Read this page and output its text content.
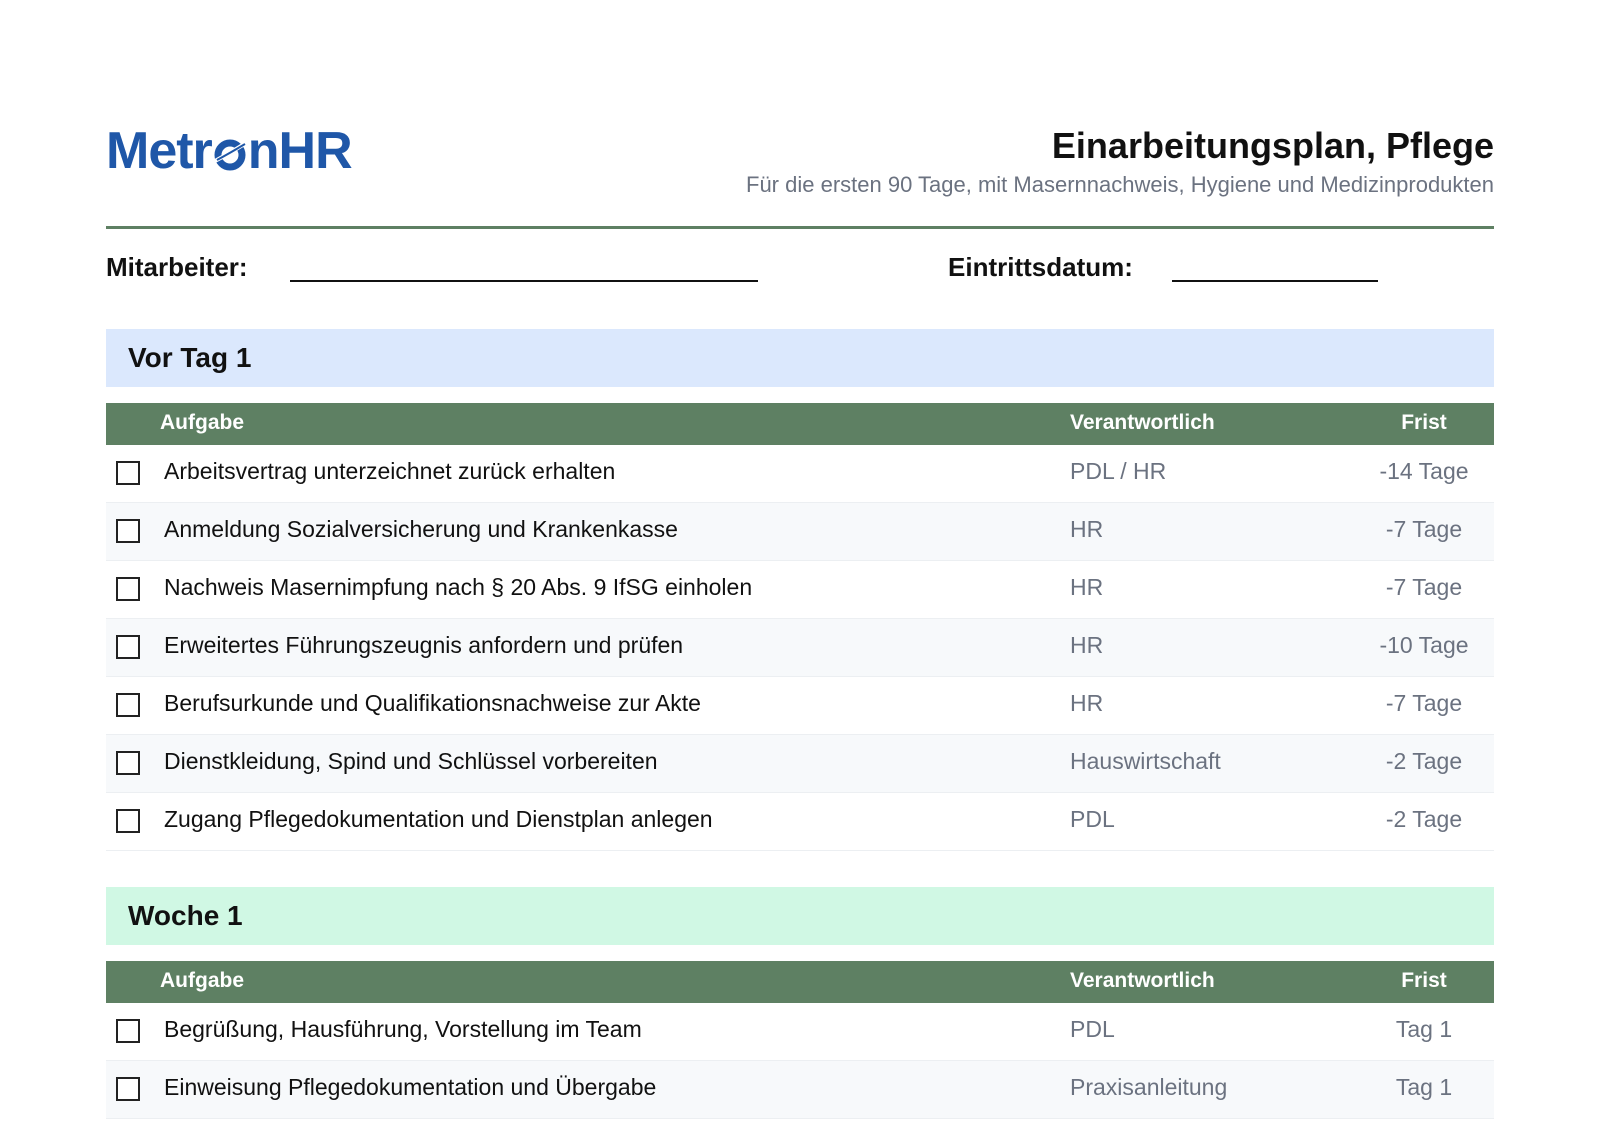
Metr nHR	Einarbeitungsplan, Pflege
Für die ersten 90 Tage, mit Masernnachweis, Hygiene und Medizinprodukten
Mitarbeiter:	Eintrittsdatum:
Vor Tag 1
Aufgabe	Verantwortlich	Frist
Arbeitsvertrag unterzeichnet zurück erhalten	PDL / HR	-14 Tage
Anmeldung Sozialversicherung und Krankenkasse	HR	-7 Tage
Nachweis Masernimpfung nach § 20 Abs. 9 IfSG einholen	HR	-7 Tage
Erweitertes Führungszeugnis anfordern und prüfen	HR	-10 Tage
Berufsurkunde und Qualifikationsnachweise zur Akte	HR	-7 Tage
Dienstkleidung, Spind und Schlüssel vorbereiten	Hauswirtschaft	-2 Tage
Zugang Pflegedokumentation und Dienstplan anlegen	PDL	-2 Tage
Woche 1
Aufgabe	Verantwortlich	Frist
Begrüßung, Hausführung, Vorstellung im Team	PDL	Tag 1
Einweisung Pflegedokumentation und Übergabe	Praxisanleitung	Tag 1
